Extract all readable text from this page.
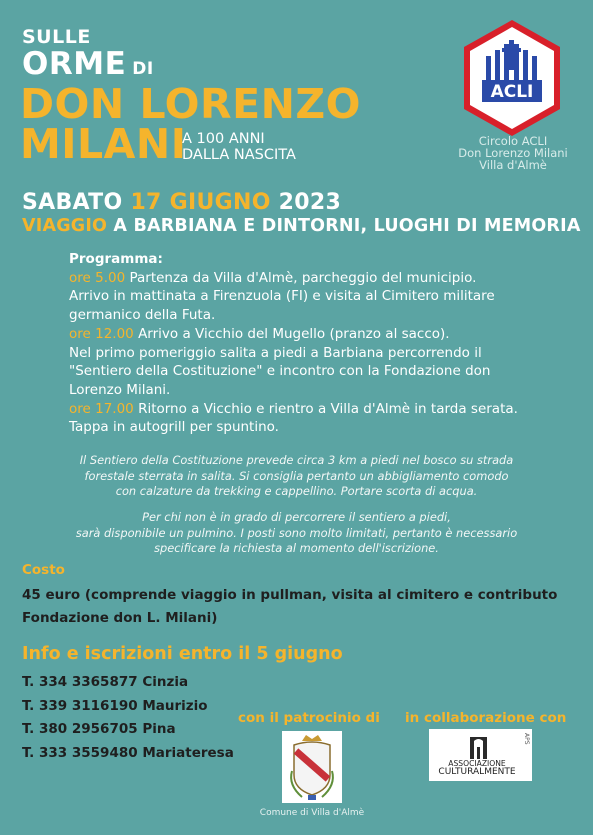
SULLE
ORME DI
DON LORENZO
MILANI
A 100 ANNI
DALLA NASCITA
ACLI
Circolo ACLI
Don Lorenzo Milani
Villa d'Almè
SABATO 17 GIUGNO 2023
VIAGGIO A BARBIANA E DINTORNI, LUOGHI DI MEMORIA
Programma:
ore 5.00 Partenza da Villa d'Almè, parcheggio del municipio.
Arrivo in mattinata a Firenzuola (FI) e visita al Cimitero militare
germanico della Futa.
ore 12.00 Arrivo a Vicchio del Mugello (pranzo al sacco).
Nel primo pomeriggio salita a piedi a Barbiana percorrendo il
"Sentiero della Costituzione" e incontro con la Fondazione don
Lorenzo Milani.
ore 17.00 Ritorno a Vicchio e rientro a Villa d'Almè in tarda serata.
Tappa in autogrill per spuntino.
Il Sentiero della Costituzione prevede circa 3 km a piedi nel bosco su strada
forestale sterrata in salita. Si consiglia pertanto un abbigliamento comodo
con calzature da trekking e cappellino. Portare scorta di acqua.
Per chi non è in grado di percorrere il sentiero a piedi,
sarà disponibile un pulmino. I posti sono molto limitati, pertanto è necessario
specificare la richiesta al momento dell'iscrizione.
Costo
45 euro (comprende viaggio in pullman, visita al cimitero e contributo
Fondazione don L. Milani)
Info e iscrizioni entro il 5 giugno
T. 334 3365877 Cinzia
T. 339 3116190 Maurizio
T. 380 2956705 Pina
T. 333 3559480 Mariateresa
con il patrocinio di in collaborazione con
Comune di Villa d'Almè
ASSOCIAZIONE
CULTURALMENTE
APS
